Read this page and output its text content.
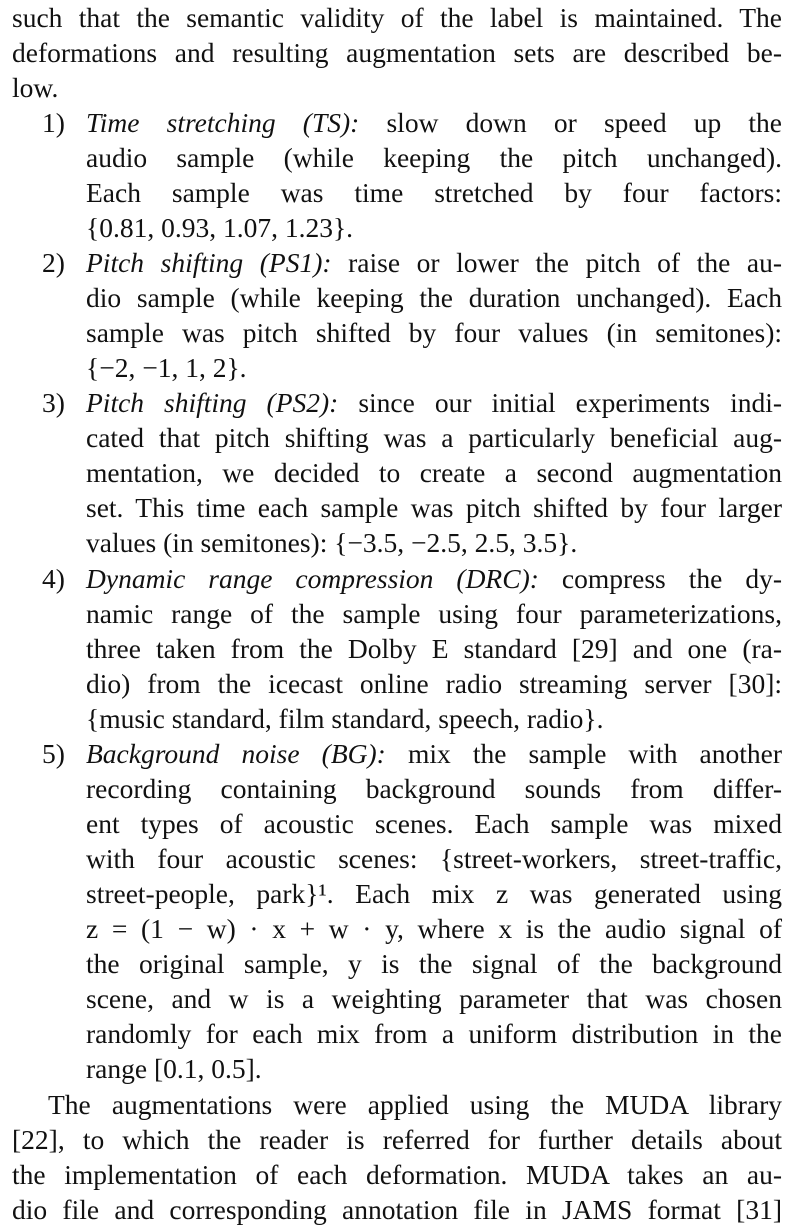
such that the semantic validity of the label is maintained. The
deformations and resulting augmentation sets are described be-
low.
1) Time stretching (TS): slow down or speed up the
audio sample (while keeping the pitch unchanged).
Each sample was time stretched by four factors:
{0.81, 0.93, 1.07, 1.23}.
2) Pitch shifting (PS1): raise or lower the pitch of the au-
dio sample (while keeping the duration unchanged). Each
sample was pitch shifted by four values (in semitones):
{−2, −1, 1, 2}.
3) Pitch shifting (PS2): since our initial experiments indi-
cated that pitch shifting was a particularly beneficial aug-
mentation, we decided to create a second augmentation
set. This time each sample was pitch shifted by four larger
values (in semitones): {−3.5, −2.5, 2.5, 3.5}.
4) Dynamic range compression (DRC): compress the dy-
namic range of the sample using four parameterizations,
three taken from the Dolby E standard [29] and one (ra-
dio) from the icecast online radio streaming server [30]:
{music standard, film standard, speech, radio}.
5) Background noise (BG): mix the sample with another
recording containing background sounds from differ-
ent types of acoustic scenes. Each sample was mixed
with four acoustic scenes: {street-workers, street-traffic,
street-people, park}¹. Each mix z was generated using
z = (1 − w) · x + w · y, where x is the audio signal of
the original sample, y is the signal of the background
scene, and w is a weighting parameter that was chosen
randomly for each mix from a uniform distribution in the
range [0.1, 0.5].
The augmentations were applied using the MUDA library
[22], to which the reader is referred for further details about
the implementation of each deformation. MUDA takes an au-
dio file and corresponding annotation file in JAMS format [31]
